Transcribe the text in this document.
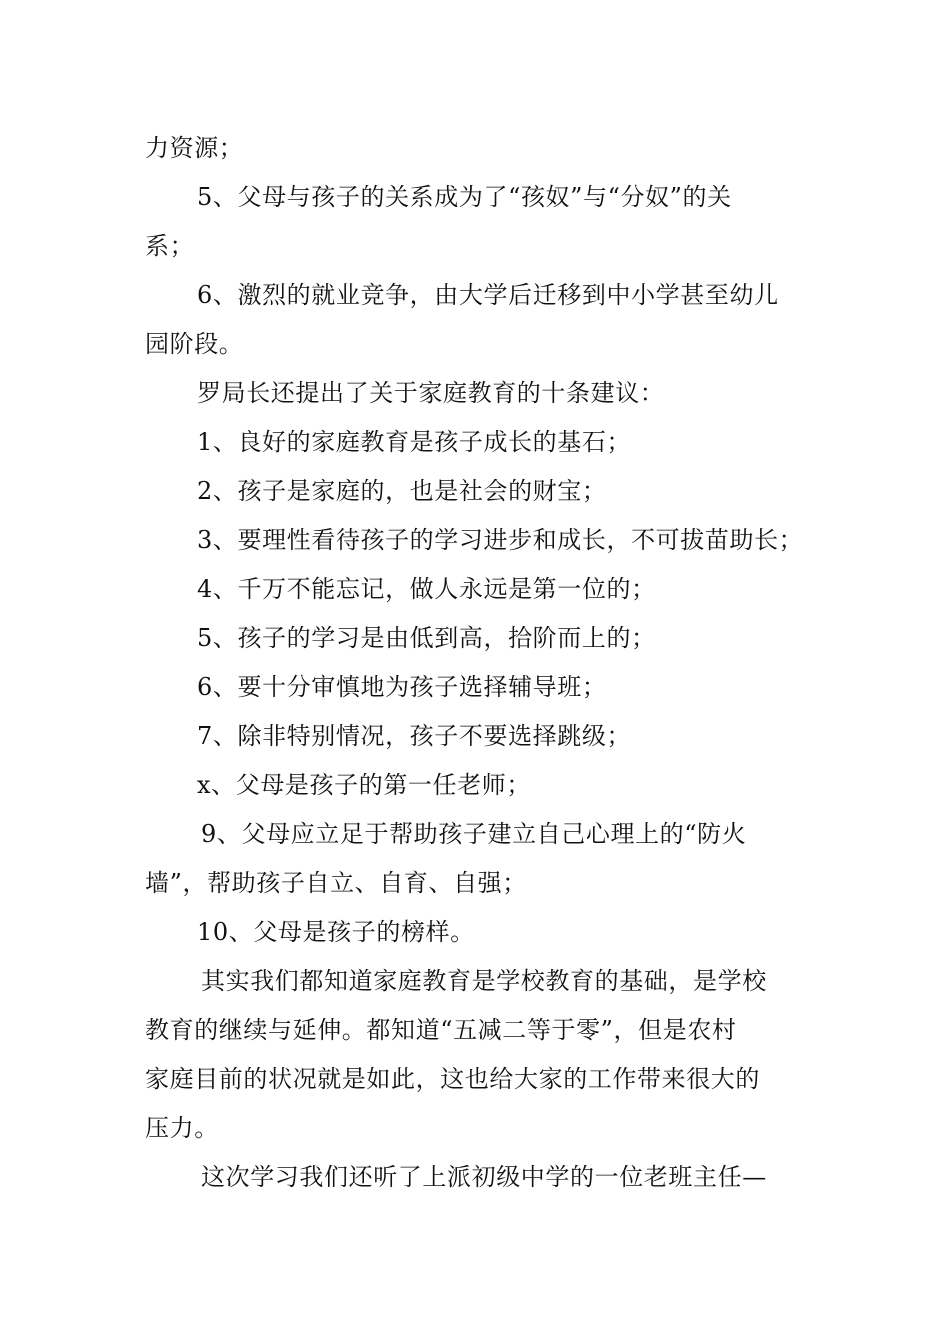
力资源；
5、父母与孩子的关系成为了“孩奴”与“分奴”的关
系；
6、激烈的就业竞争，由大学后迁移到中小学甚至幼儿
园阶段。
罗局长还提出了关于家庭教育的十条建议：
1、良好的家庭教育是孩子成长的基石；
2、孩子是家庭的，也是社会的财宝；
3、要理性看待孩子的学习进步和成长，不可拔苗助长；
4、千万不能忘记，做人永远是第一位的；
5、孩子的学习是由低到高，拾阶而上的；
6、要十分审慎地为孩子选择辅导班；
7、除非特别情况，孩子不要选择跳级；
x、父母是孩子的第一任老师；
9、父母应立足于帮助孩子建立自己心理上的“防火
墙”，帮助孩子自立、自育、自强；
10、父母是孩子的榜样。
其实我们都知道家庭教育是学校教育的基础，是学校
教育的继续与延伸。都知道“五减二等于零”，但是农村
家庭目前的状况就是如此，这也给大家的工作带来很大的
压力。
这次学习我们还听了上派初级中学的一位老班主任—
